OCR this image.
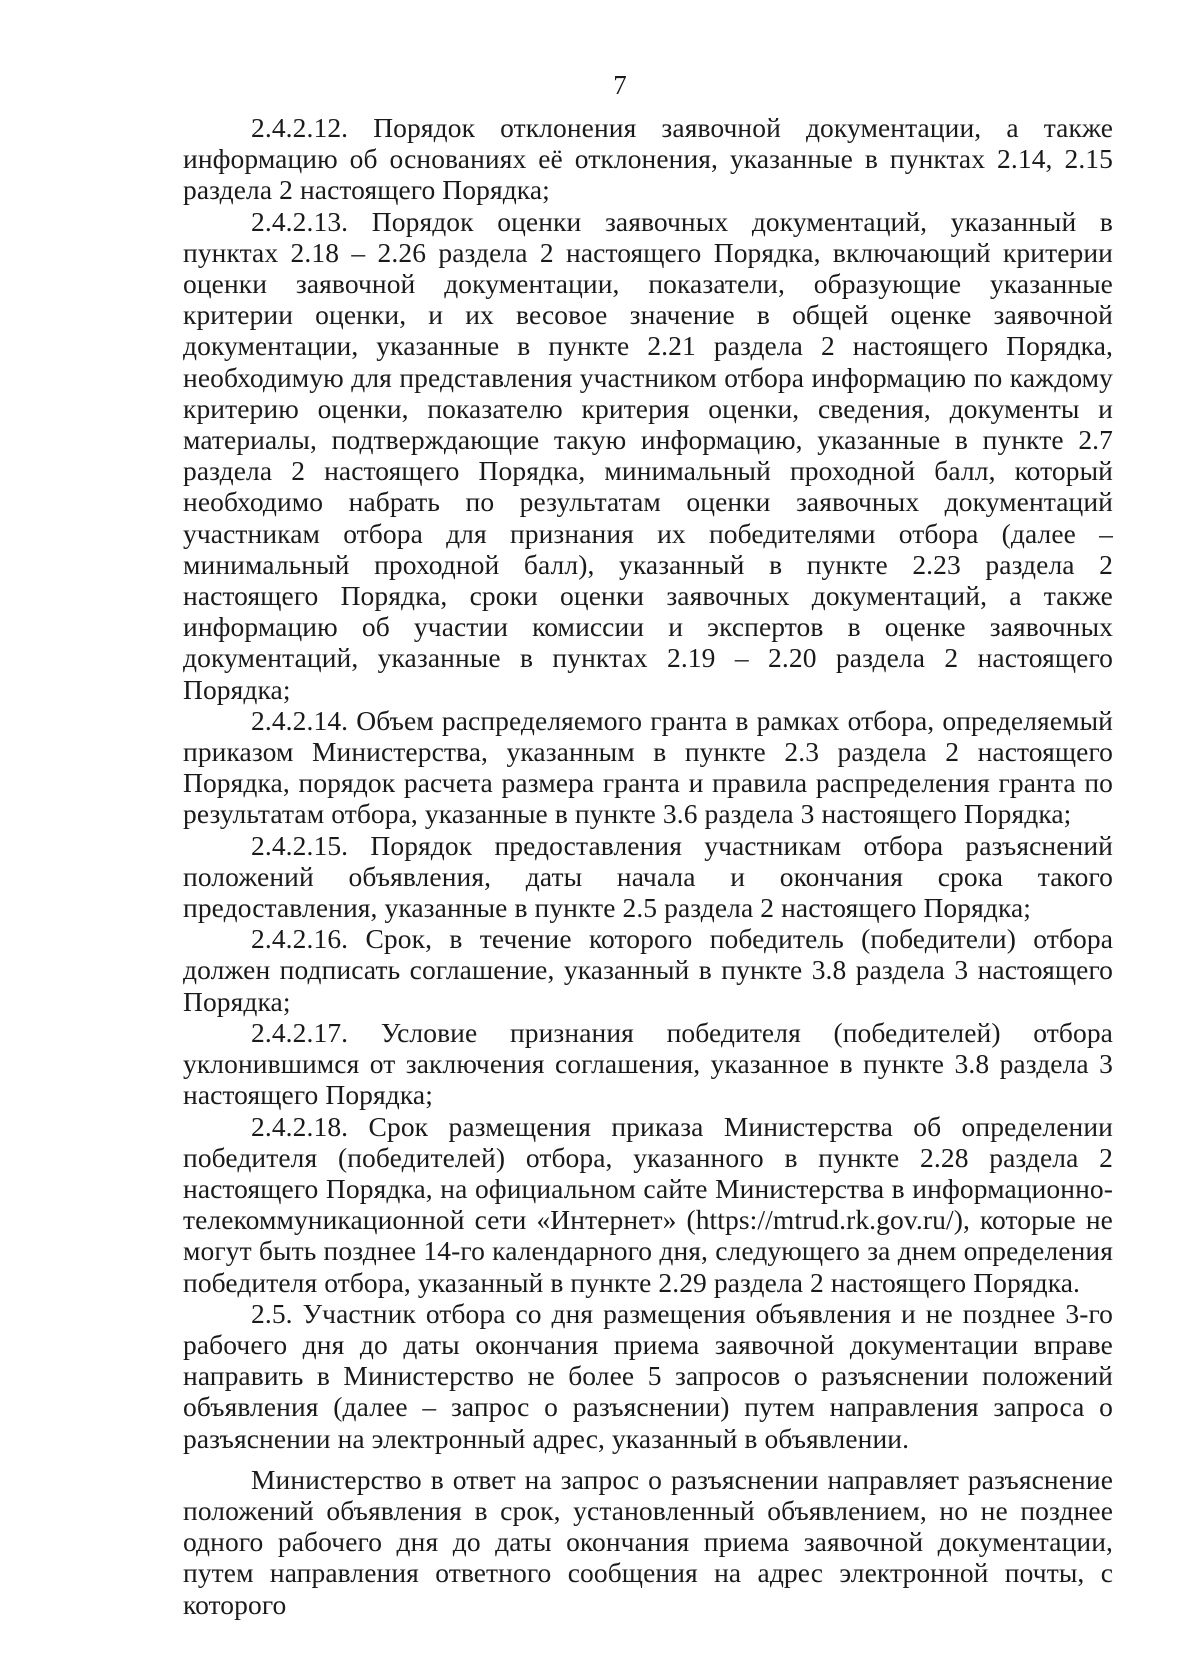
7

2.4.2.12. Порядок отклонения заявочной документации, а также информацию об основаниях её отклонения, указанные в пунктах 2.14, 2.15 раздела 2 настоящего Порядка;

2.4.2.13. Порядок оценки заявочных документаций, указанный в пунктах 2.18 – 2.26 раздела 2 настоящего Порядка, включающий критерии оценки заявочной документации, показатели, образующие указанные критерии оценки, и их весовое значение в общей оценке заявочной документации, указанные в пункте 2.21 раздела 2 настоящего Порядка, необходимую для представления участником отбора информацию по каждому критерию оценки, показателю критерия оценки, сведения, документы и материалы, подтверждающие такую информацию, указанные в пункте 2.7 раздела 2 настоящего Порядка, минимальный проходной балл, который необходимо набрать по результатам оценки заявочных документаций участникам отбора для признания их победителями отбора (далее – минимальный проходной балл), указанный в пункте 2.23 раздела 2 настоящего Порядка, сроки оценки заявочных документаций, а также информацию об участии комиссии и экспертов в оценке заявочных документаций, указанные в пунктах 2.19 – 2.20 раздела 2 настоящего Порядка;

2.4.2.14. Объем распределяемого гранта в рамках отбора, определяемый приказом Министерства, указанным в пункте 2.3 раздела 2 настоящего Порядка, порядок расчета размера гранта и правила распределения гранта по результатам отбора, указанные в пункте 3.6 раздела 3 настоящего Порядка;

2.4.2.15. Порядок предоставления участникам отбора разъяснений положений объявления, даты начала и окончания срока такого предоставления, указанные в пункте 2.5 раздела 2 настоящего Порядка;

2.4.2.16. Срок, в течение которого победитель (победители) отбора должен подписать соглашение, указанный в пункте 3.8 раздела 3 настоящего Порядка;

2.4.2.17. Условие признания победителя (победителей) отбора уклонившимся от заключения соглашения, указанное в пункте 3.8 раздела 3 настоящего Порядка;

2.4.2.18. Срок размещения приказа Министерства об определении победителя (победителей) отбора, указанного в пункте 2.28 раздела 2 настоящего Порядка, на официальном сайте Министерства в информационно-телекоммуникационной сети «Интернет» (https://mtrud.rk.gov.ru/), которые не могут быть позднее 14-го календарного дня, следующего за днем определения победителя отбора, указанный в пункте 2.29 раздела 2 настоящего Порядка.

2.5. Участник отбора со дня размещения объявления и не позднее 3-го рабочего дня до даты окончания приема заявочной документации вправе направить в Министерство не более 5 запросов о разъяснении положений объявления (далее – запрос о разъяснении) путем направления запроса о разъяснении на электронный адрес, указанный в объявлении.

Министерство в ответ на запрос о разъяснении направляет разъяснение положений объявления в срок, установленный объявлением, но не позднее одного рабочего дня до даты окончания приема заявочной документации, путем направления ответного сообщения на адрес электронной почты, с которого
